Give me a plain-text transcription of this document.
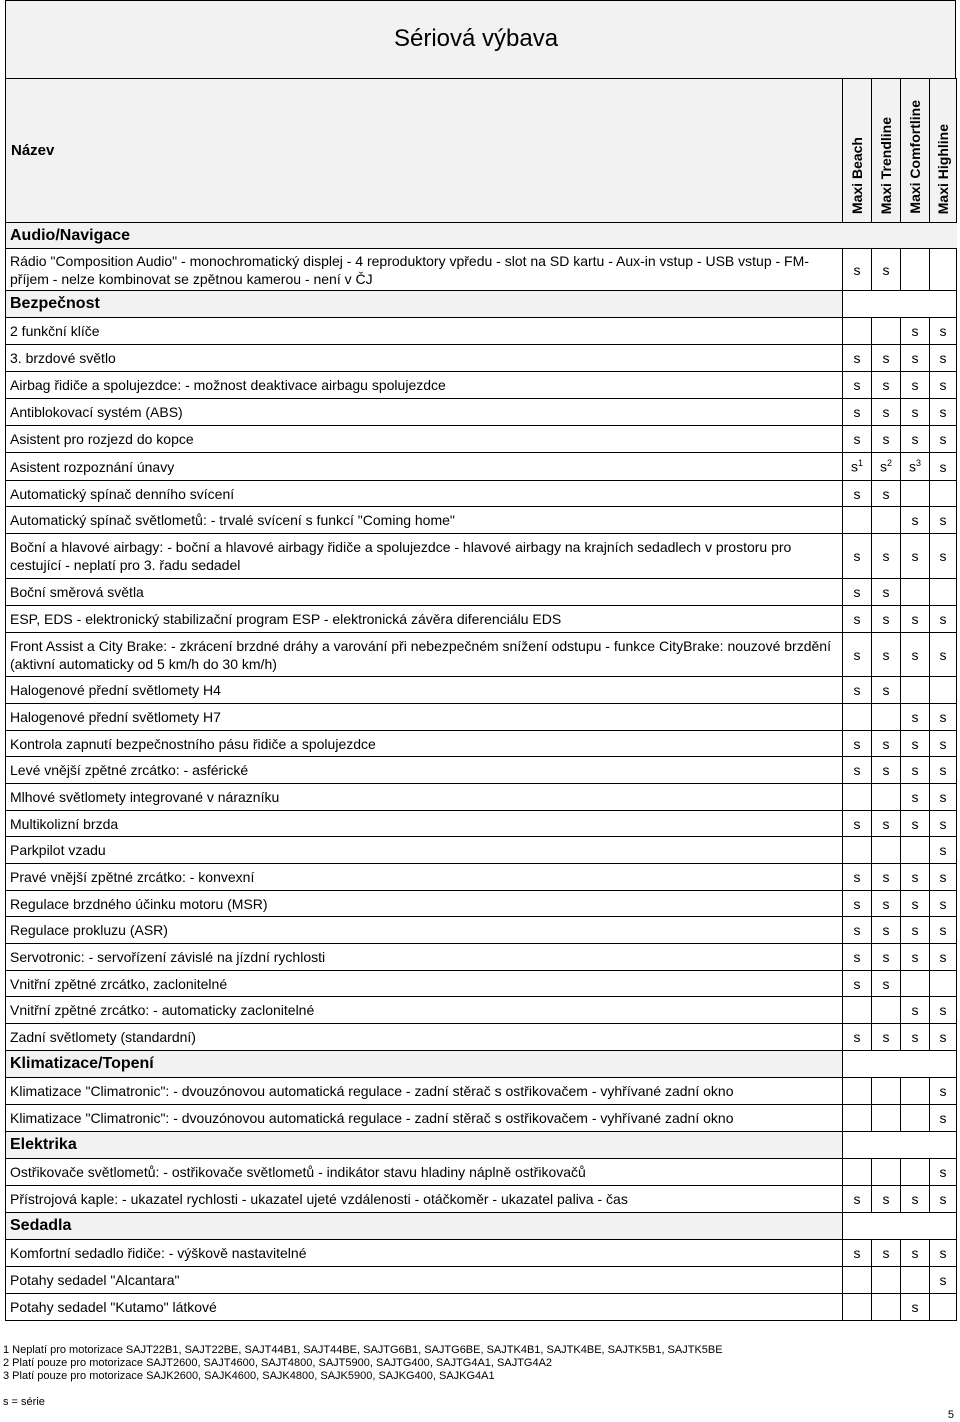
Sériová výbava
Název	Maxi Beach	Maxi Trendline	Maxi Comfortline	Maxi Highline

Audio/Navigace				
Rádio "Composition Audio" - monochromatický displej - 4 reproduktory vpředu - slot na SD kartu - Aux-in vstup - USB vstup - FM-příjem - nelze kombinovat se zpětnou kamerou - není v ČJ	s	s		
Bezpečnost				
2 funkční klíče			s	s
3. brzdové světlo	s	s	s	s
Airbag řidiče a spolujezdce: - možnost deaktivace airbagu spolujezdce	s	s	s	s
Antiblokovací systém (ABS)	s	s	s	s
Asistent pro rozjezd do kopce	s	s	s	s
Asistent rozpoznání únavy	$s^1$	$s^2$	$s^3$	s
Automatický spínač denního svícení	s	s		
Automatický spínač světlometů: - trvalé svícení s funkcí "Coming home"			s	s
Boční a hlavové airbagy: - boční a hlavové airbagy řidiče a spolujezdce - hlavové airbagy na krajních sedadlech v prostoru pro cestující - neplatí pro 3. řadu sedadel	s	s	s	s
Boční směrová světla	s	s		
ESP, EDS - elektronický stabilizační program ESP - elektronická závěra diferenciálu EDS	s	s	s	s
Front Assist a City Brake: - zkrácení brzdné dráhy a varování při nebezpečném snížení odstupu - funkce CityBrake: nouzové brzdění (aktivní automaticky od 5 km/h do 30 km/h)	s	s	s	s
Halogenové přední světlomety H4	s	s		
Halogenové přední světlomety H7			s	s
Kontrola zapnutí bezpečnostního pásu řidiče a spolujezdce	s	s	s	s
Levé vnější zpětné zrcátko: - asférické	s	s	s	s
Mlhové světlomety integrované v nárazníku			s	s
Multikolizní brzda	s	s	s	s
Parkpilot vzadu				s
Pravé vnější zpětné zrcátko: - konvexní	s	s	s	s
Regulace brzdného účinku motoru (MSR)	s	s	s	s
Regulace prokluzu (ASR)	s	s	s	s
Servotronic: - servořízení závislé na jízdní rychlosti	s	s	s	s
Vnitřní zpětné zrcátko, zaclonitelné	s	s		
Vnitřní zpětné zrcátko: - automaticky zaclonitelné			s	s
Zadní světlomety (standardní)	s	s	s	s
Klimatizace/Topení				
Klimatizace "Climatronic": - dvouzónovou automatická regulace - zadní stěrač s ostřikovačem - vyhřívané zadní okno				s
Klimatizace "Climatronic": - dvouzónovou automatická regulace - zadní stěrač s ostřikovačem - vyhřívané zadní okno				s
Elektrika				
Ostřikovače světlometů: - ostřikovače světlometů - indikátor stavu hladiny náplně ostřikovačů				s
Přístrojová kaple: - ukazatel rychlosti - ukazatel ujeté vzdálenosti - otáčkoměr - ukazatel paliva - čas	s	s	s	s
Sedadla				
Komfortní sedadlo řidiče: - výškově nastavitelné	s	s	s	s
Potahy sedadel "Alcantara"				s
Potahy sedadel "Kutamo" látkové			s	
1 Neplatí pro motorizace SAJT22B1, SAJT22BE, SAJT44B1, SAJT44BE, SAJTG6B1, SAJTG6BE, SAJTK4B1, SAJTK4BE, SAJTK5B1, SAJTK5BE
2 Platí pouze pro motorizace SAJT2600, SAJT4600, SAJT4800, SAJT5900, SAJTG400, SAJTG4A1, SAJTG4A2
3 Platí pouze pro motorizace SAJK2600, SAJK4600, SAJK4800, SAJK5900, SAJKG400, SAJKG4A1
s = série
5
